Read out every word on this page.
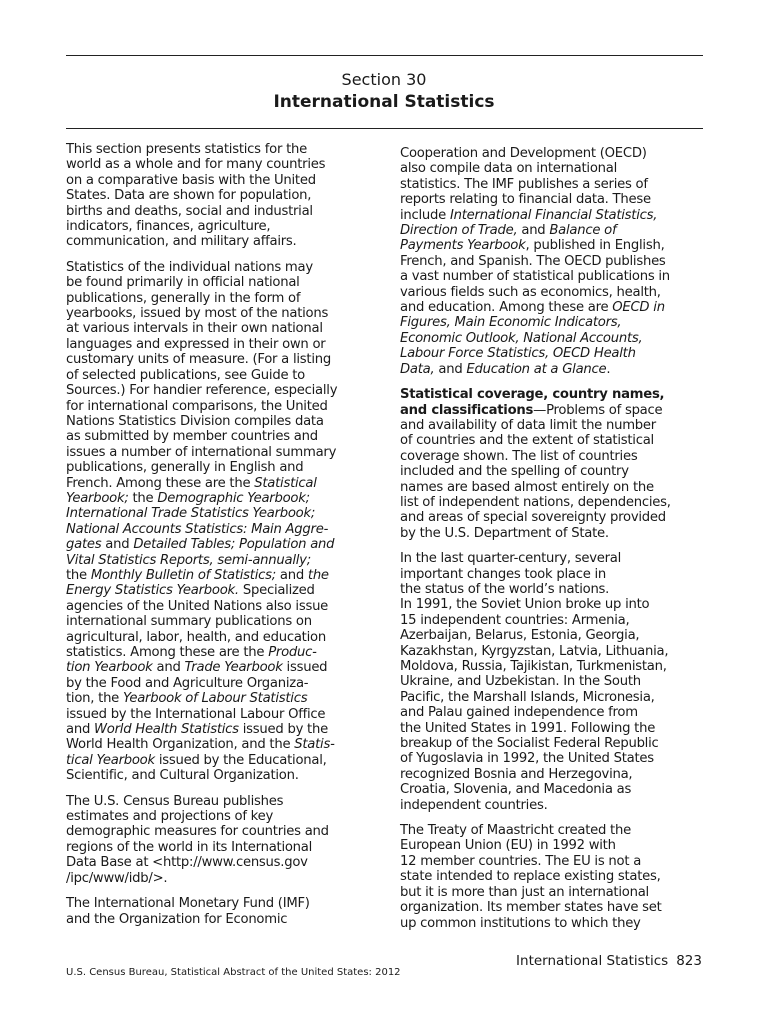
Section 30
International Statistics

This section presents statistics for the
world as a whole and for many countries
on a comparative basis with the United
States. Data are shown for population,
births and deaths, social and industrial
indicators, finances, agriculture,
communication, and military affairs.

Statistics of the individual nations may
be found primarily in official national
publications, generally in the form of
yearbooks, issued by most of the nations
at various intervals in their own national
languages and expressed in their own or
customary units of measure. (For a listing
of selected publications, see Guide to
Sources.) For handier reference, especially
for international comparisons, the United
Nations Statistics Division compiles data
as submitted by member countries and
issues a number of international summary
publications, generally in English and
French. Among these are the Statistical
Yearbook; the Demographic Yearbook;
International Trade Statistics Yearbook;
National Accounts Statistics: Main Aggre-
gates and Detailed Tables; Population and
Vital Statistics Reports, semi-annually;
the Monthly Bulletin of Statistics; and the
Energy Statistics Yearbook. Specialized
agencies of the United Nations also issue
international summary publications on
agricultural, labor, health, and education
statistics. Among these are the Produc-
tion Yearbook and Trade Yearbook issued
by the Food and Agriculture Organiza-
tion, the Yearbook of Labour Statistics
issued by the International Labour Office
and World Health Statistics issued by the
World Health Organization, and the Statis-
tical Yearbook issued by the Educational,
Scientific, and Cultural Organization.

The U.S. Census Bureau publishes
estimates and projections of key
demographic measures for countries and
regions of the world in its International
Data Base at <http://www.census.gov
/ipc/www/idb/>.

The International Monetary Fund (IMF)
and the Organization for Economic

Cooperation and Development (OECD)
also compile data on international
statistics. The IMF publishes a series of
reports relating to financial data. These
include International Financial Statistics,
Direction of Trade, and Balance of
Payments Yearbook, published in English,
French, and Spanish. The OECD publishes
a vast number of statistical publications in
various fields such as economics, health,
and education. Among these are OECD in
Figures, Main Economic Indicators,
Economic Outlook, National Accounts,
Labour Force Statistics, OECD Health
Data, and Education at a Glance.

Statistical coverage, country names,
and classifications—Problems of space
and availability of data limit the number
of countries and the extent of statistical
coverage shown. The list of countries
included and the spelling of country
names are based almost entirely on the
list of independent nations, dependencies,
and areas of special sovereignty provided
by the U.S. Department of State.

In the last quarter-century, several
important changes took place in
the status of the world’s nations.
In 1991, the Soviet Union broke up into
15 independent countries: Armenia,
Azerbaijan, Belarus, Estonia, Georgia,
Kazakhstan, Kyrgyzstan, Latvia, Lithuania,
Moldova, Russia, Tajikistan, Turkmenistan,
Ukraine, and Uzbekistan. In the South
Pacific, the Marshall Islands, Micronesia,
and Palau gained independence from
the United States in 1991. Following the
breakup of the Socialist Federal Republic
of Yugoslavia in 1992, the United States
recognized Bosnia and Herzegovina,
Croatia, Slovenia, and Macedonia as
independent countries.

The Treaty of Maastricht created the
European Union (EU) in 1992 with
12 member countries. The EU is not a
state intended to replace existing states,
but it is more than just an international
organization. Its member states have set
up common institutions to which they

International Statistics 823
U.S. Census Bureau, Statistical Abstract of the United States: 2012
